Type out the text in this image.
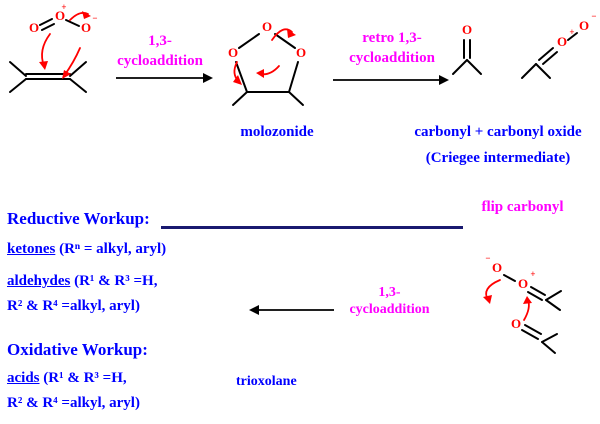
O
O
O
+
−
O
O
O
O
O
+ O
−
O
−
O
+
O
1,3-
cycloaddition
retro 1,3-
cycloaddition
molozonide	carbonyl + carbonyl oxide
(Criegee intermediate)
flip carbonyl
Reductive Workup:
ketones (Rⁿ = alkyl, aryl)
aldehydes (R¹ & R³ =H,
R² & R⁴ =alkyl, aryl)
Oxidative Workup:
acids (R¹ & R³ =H,
R² & R⁴ =alkyl, aryl)
1,3-
cycloaddition
trioxolane
